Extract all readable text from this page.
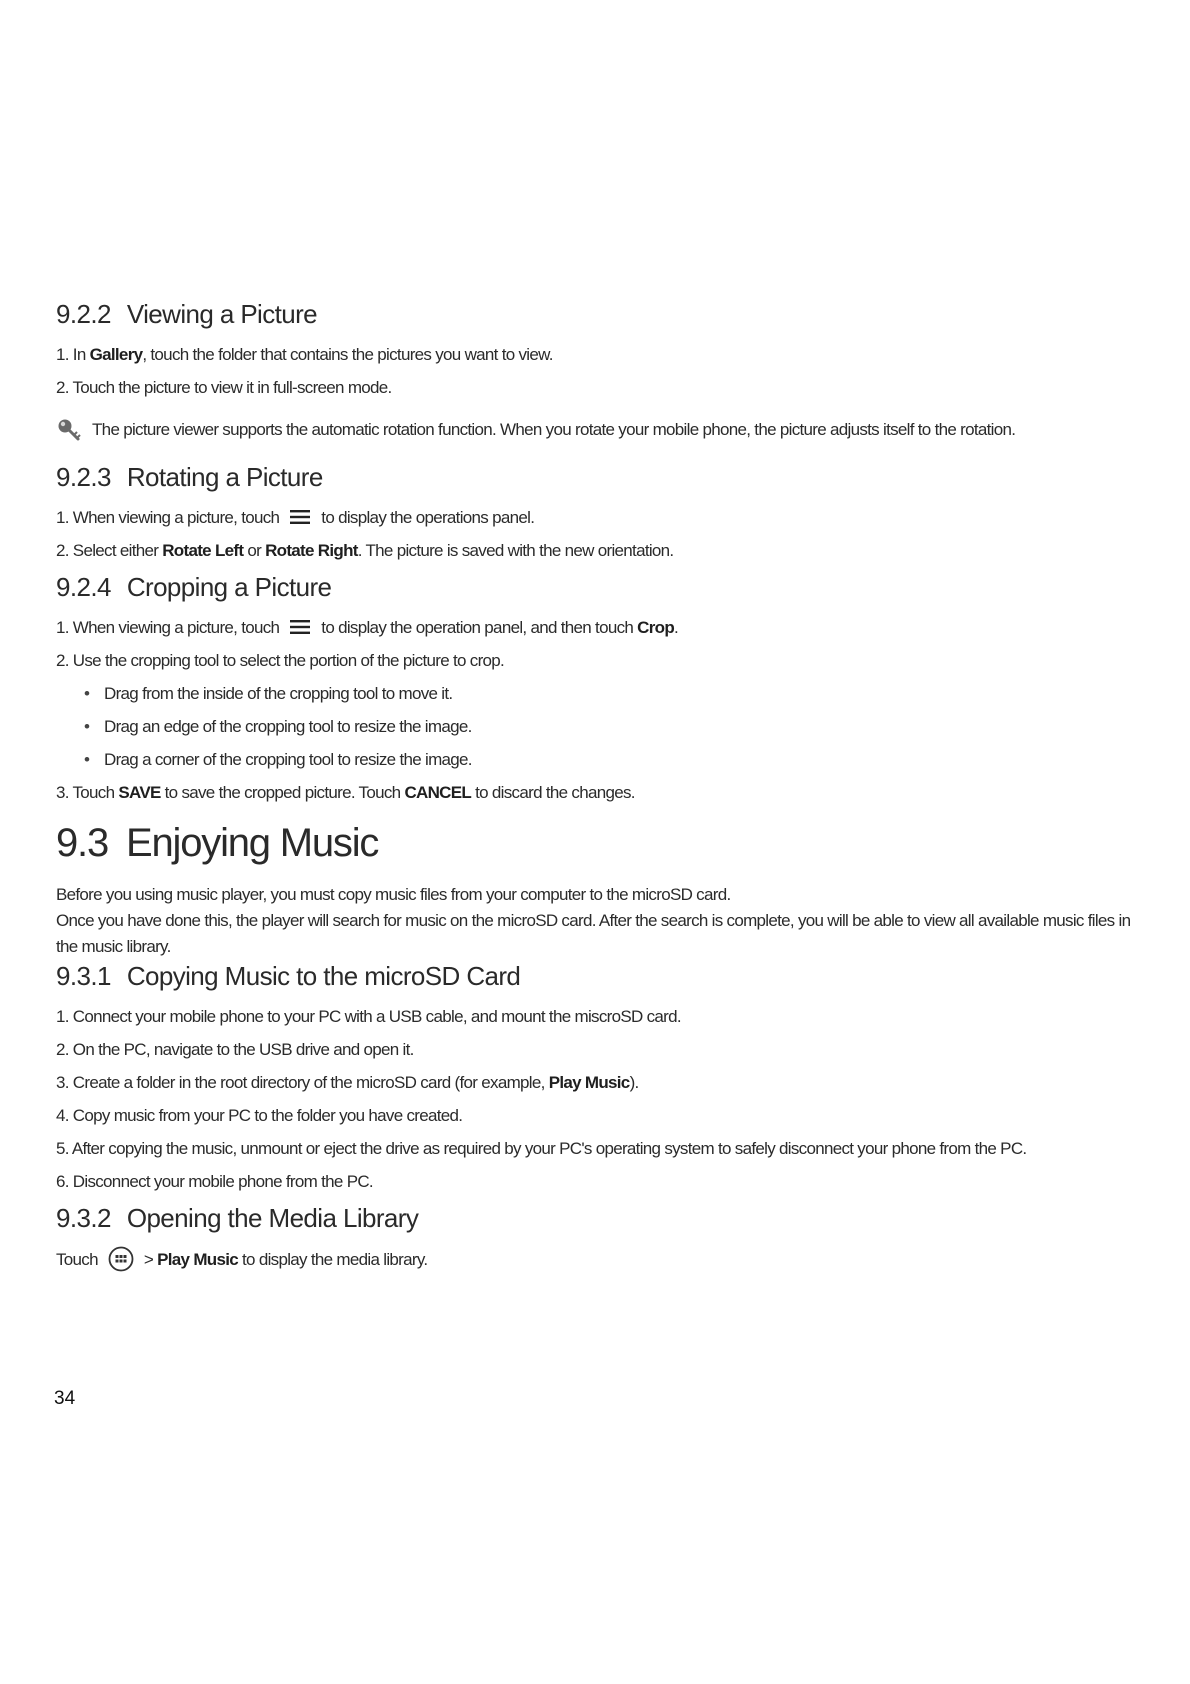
9.2.2 Viewing a Picture

1. In Gallery, touch the folder that contains the pictures you want to view.

2. Touch the picture to view it in full-screen mode.

The picture viewer supports the automatic rotation function. When you rotate your mobile phone, the picture adjusts itself to the rotation.

9.2.3 Rotating a Picture

1. When viewing a picture, touch to display the operations panel.

2. Select either Rotate Left or Rotate Right. The picture is saved with the new orientation.

9.2.4 Cropping a Picture

1. When viewing a picture, touch to display the operation panel, and then touch Crop.

2. Use the cropping tool to select the portion of the picture to crop.

• Drag from the inside of the cropping tool to move it.
• Drag an edge of the cropping tool to resize the image.
• Drag a corner of the cropping tool to resize the image.

3. Touch SAVE to save the cropped picture. Touch CANCEL to discard the changes.

9.3 Enjoying Music

Before you using music player, you must copy music files from your computer to the microSD card.

Once you have done this, the player will search for music on the microSD card. After the search is complete, you will be able to view all available music files in the music library.

9.3.1 Copying Music to the microSD Card

1. Connect your mobile phone to your PC with a USB cable, and mount the miscroSD card.

2. On the PC, navigate to the USB drive and open it.

3. Create a folder in the root directory of the microSD card (for example, Play Music).

4. Copy music from your PC to the folder you have created.

5. After copying the music, unmount or eject the drive as required by your PC's operating system to safely disconnect your phone from the PC.

6. Disconnect your mobile phone from the PC.

9.3.2 Opening the Media Library

Touch	> Play Music to display the media library.

34
